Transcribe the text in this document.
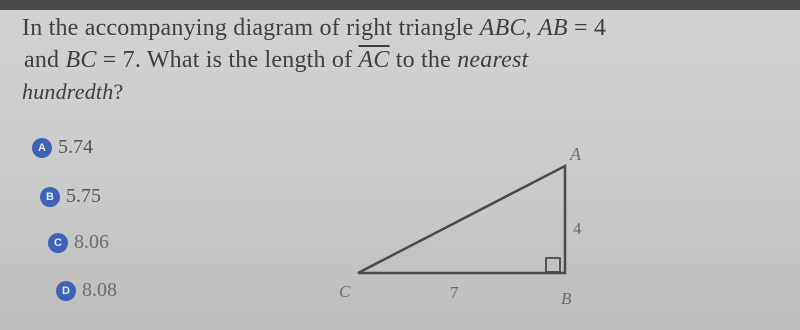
In the accompanying diagram of right triangle ABC, AB = 4
and BC = 7. What is the length of $\overline{AC}$ to the nearest
hundredth?
A 5.74
B 5.75
C 8.06
D 8.08
A
B
C
4
7
